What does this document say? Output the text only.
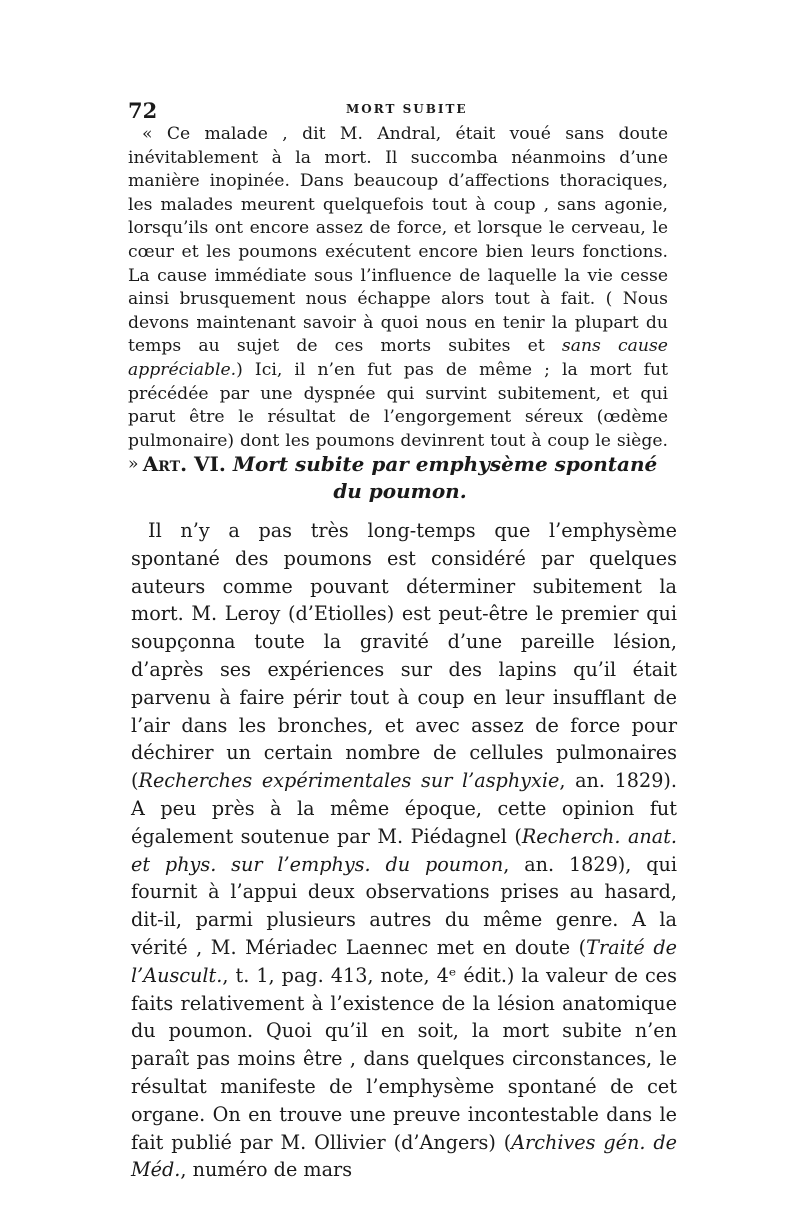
72	MORT SUBITE

« Ce malade , dit M. Andral, était voué sans doute inévitablement à la mort. Il succomba néanmoins d’une manière inopinée. Dans beaucoup d’affections thoraciques, les malades meurent quelquefois tout à coup , sans agonie, lorsqu’ils ont encore assez de force, et lorsque le cerveau, le cœur et les poumons exécutent encore bien leurs fonctions. La cause immédiate sous l’influence de laquelle la vie cesse ainsi brusquement nous échappe alors tout à fait. ( Nous devons maintenant savoir à quoi nous en tenir la plupart du temps au sujet de ces morts subites et sans cause appréciable.) Ici, il n’en fut pas de même ; la mort fut précédée par une dyspnée qui survint subitement, et qui parut être le résultat de l’engorgement séreux (œdème pulmonaire) dont les poumons devinrent tout à coup le siège. » Art. VI. Mort subite par emphysème spontané du poumon.

Il n’y a pas très long-temps que l’emphysème spontané des poumons est considéré par quelques auteurs comme pouvant déterminer subitement la mort. M. Leroy (d’Etiolles) est peut-être le premier qui soupçonna toute la gravité d’une pareille lésion, d’après ses expériences sur des lapins qu’il était parvenu à faire périr tout à coup en leur insufflant de l’air dans les bronches, et avec assez de force pour déchirer un certain nombre de cellules pulmonaires (Recherches expérimentales sur l’asphyxie, an. 1829). A peu près à la même époque, cette opinion fut également soutenue par M. Piédagnel (Recherch. anat. et phys. sur l’emphys. du poumon, an. 1829), qui fournit à l’appui deux observations prises au hasard, dit-il, parmi plusieurs autres du même genre. A la vérité , M. Mériadec Laennec met en doute (Traité de l’Auscult., t. 1, pag. 413, note, 4ᵉ édit.) la valeur de ces faits relativement à l’existence de la lésion anatomique du poumon. Quoi qu’il en soit, la mort subite n’en paraît pas moins être , dans quelques circonstances, le résultat manifeste de l’emphysème spontané de cet organe. On en trouve une preuve incontestable dans le fait publié par M. Ollivier (d’Angers) (Archives gén. de Méd., numéro de mars
